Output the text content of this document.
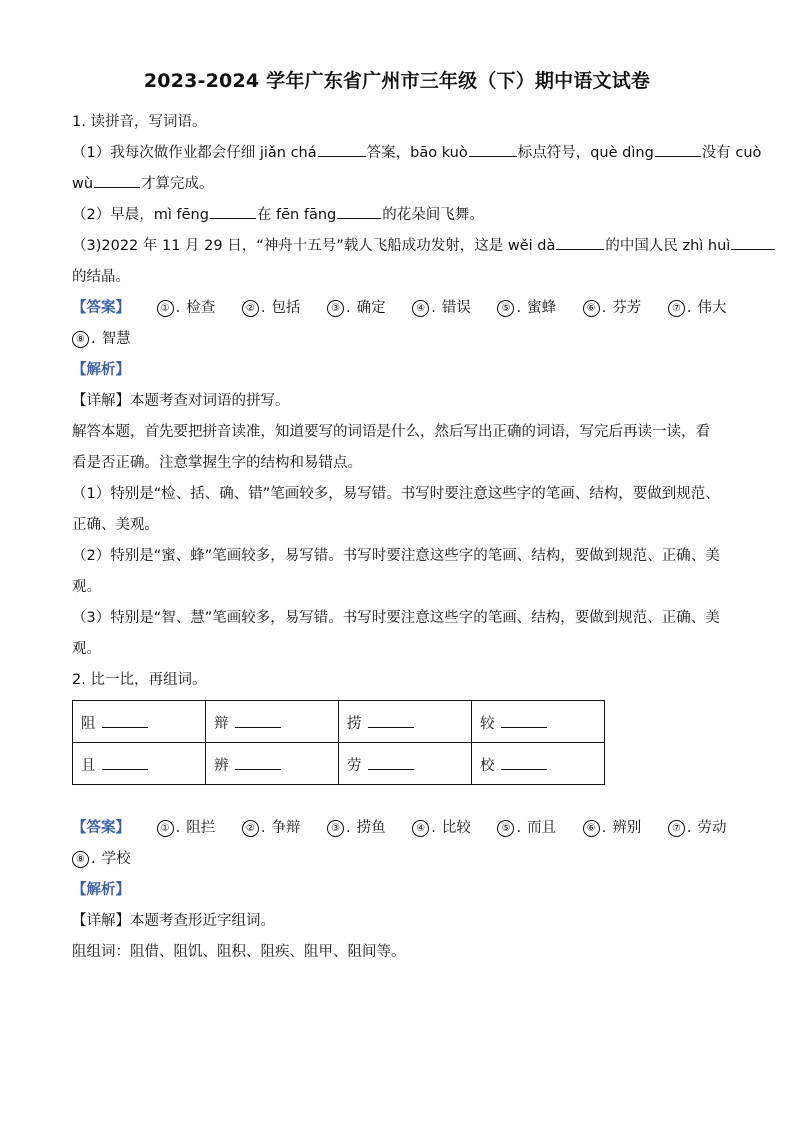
2023-2024 学年广东省广州市三年级（下）期中语文试卷
1. 读拼音，写词语。
（1）我每次做作业都会仔细 jiǎn chá	答案，bāo kuò	标点符号，què dìng	没有 cuò
wù	才算完成。
（2）早晨，mì fēng	在 fēn fāng	的花朵间飞舞。
（3)2022 年 11 月 29 日，“神舟十五号”载人飞船成功发射，这是 wěi dà	的中国人民 zhì huì
的结晶。
【答案】	① . 检查	② . 包括	③ . 确定	④ . 错误	⑤ . 蜜蜂	⑥ . 芬芳	⑦ . 伟大
⑧ . 智慧
【解析】
【详解】本题考查对词语的拼写。
解答本题，首先要把拼音读准，知道要写的词语是什么，然后写出正确的词语，写完后再读一读，看看是否正确。注意掌握生字的结构和易错点。
（1）特别是“检、括、确、错”笔画较多，易写错。书写时要注意这些字的笔画、结构，要做到规范、正确、美观。
（2）特别是“蜜、蜂”笔画较多，易写错。书写时要注意这些字的笔画、结构，要做到规范、正确、美观。
（3）特别是“智、慧”笔画较多，易写错。书写时要注意这些字的笔画、结构，要做到规范、正确、美观。
2. 比一比，再组词。
阻	辩	捞	较
且	辨	劳	校
【答案】	① . 阻拦	② . 争辩	③ . 捞鱼	④ . 比较	⑤ . 而且	⑥ . 辨别	⑦ . 劳动
⑧ . 学校
【解析】
【详解】本题考查形近字组词。
阻组词：阻借、阻饥、阻积、阻疾、阻甲、阻间等。
